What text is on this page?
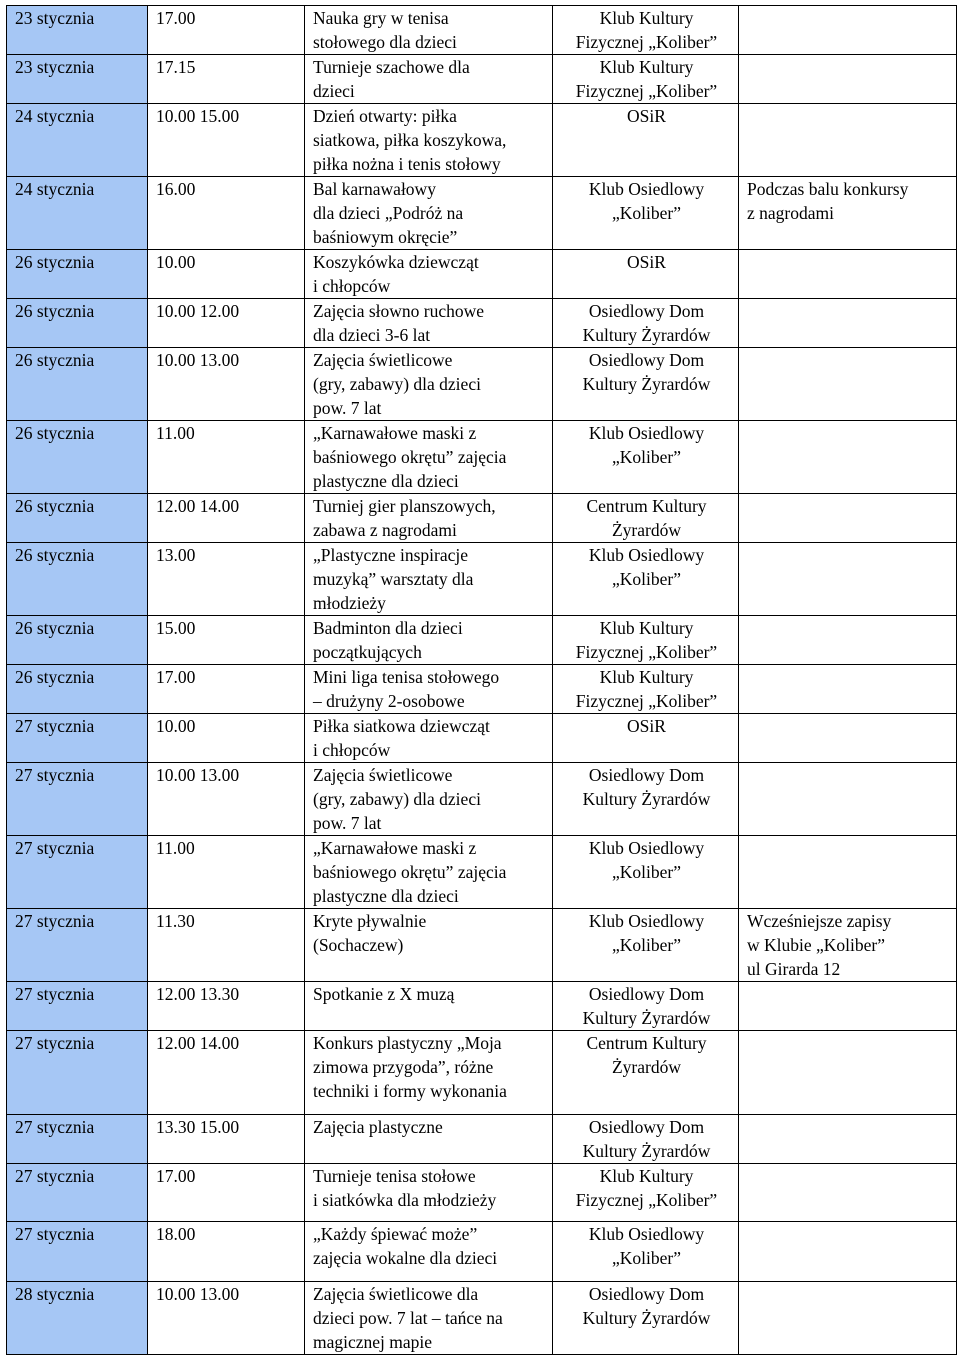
23 stycznia	17.00	Nauka gry w tenisa
stołowego dla dzieci	Klub Kultury
Fizycznej „Koliber”	

23 stycznia	17.15	Turnieje szachowe dla
dzieci	Klub Kultury
Fizycznej „Koliber”	

24 stycznia	10.00 15.00	Dzień otwarty: piłka
siatkowa, piłka koszykowa,
piłka nożna i tenis stołowy	OSiR	

24 stycznia	16.00	Bal karnawałowy
dla dzieci „Podróż na
baśniowym okręcie”	Klub Osiedlowy
„Koliber”	Podczas balu konkursy
z nagrodami

26 stycznia	10.00	Koszykówka dziewcząt
i chłopców	OSiR	

26 stycznia	10.00 12.00	Zajęcia słowno ruchowe
dla dzieci 3-6 lat	Osiedlowy Dom
Kultury Żyrardów	

26 stycznia	10.00 13.00	Zajęcia świetlicowe
(gry, zabawy) dla dzieci
pow. 7 lat	Osiedlowy Dom
Kultury Żyrardów	

26 stycznia	11.00	„Karnawałowe maski z
baśniowego okrętu” zajęcia
plastyczne dla dzieci	Klub Osiedlowy
„Koliber”	

26 stycznia	12.00 14.00	Turniej gier planszowych,
zabawa z nagrodami	Centrum Kultury
Żyrardów	

26 stycznia	13.00	„Plastyczne inspiracje
muzyką” warsztaty dla
młodzieży	Klub Osiedlowy
„Koliber”	

26 stycznia	15.00	Badminton dla dzieci
początkujących	Klub Kultury
Fizycznej „Koliber”	

26 stycznia	17.00	Mini liga tenisa stołowego
– drużyny 2-osobowe	Klub Kultury
Fizycznej „Koliber”	

27 stycznia	10.00	Piłka siatkowa dziewcząt
i chłopców	OSiR	

27 stycznia	10.00 13.00	Zajęcia świetlicowe
(gry, zabawy) dla dzieci
pow. 7 lat	Osiedlowy Dom
Kultury Żyrardów	

27 stycznia	11.00	„Karnawałowe maski z
baśniowego okrętu” zajęcia
plastyczne dla dzieci	Klub Osiedlowy
„Koliber”	

27 stycznia	11.30	Kryte pływalnie
(Sochaczew)	Klub Osiedlowy
„Koliber”	Wcześniejsze zapisy
w Klubie „Koliber”
ul Girarda 12

27 stycznia	12.00 13.30	Spotkanie z X muzą	Osiedlowy Dom
Kultury Żyrardów	

27 stycznia	12.00 14.00	Konkurs plastyczny „Moja
zimowa przygoda”, różne
techniki i formy wykonania	Centrum Kultury
Żyrardów	

27 stycznia	13.30 15.00	Zajęcia plastyczne	Osiedlowy Dom
Kultury Żyrardów	

27 stycznia	17.00	Turnieje tenisa stołowe
i siatkówka dla młodzieży	Klub Kultury
Fizycznej „Koliber”	

27 stycznia	18.00	„Każdy śpiewać może”
zajęcia wokalne dla dzieci	Klub Osiedlowy
„Koliber”	

28 stycznia	10.00 13.00	Zajęcia świetlicowe dla
dzieci pow. 7 lat – tańce na
magicznej mapie	Osiedlowy Dom
Kultury Żyrardów	
